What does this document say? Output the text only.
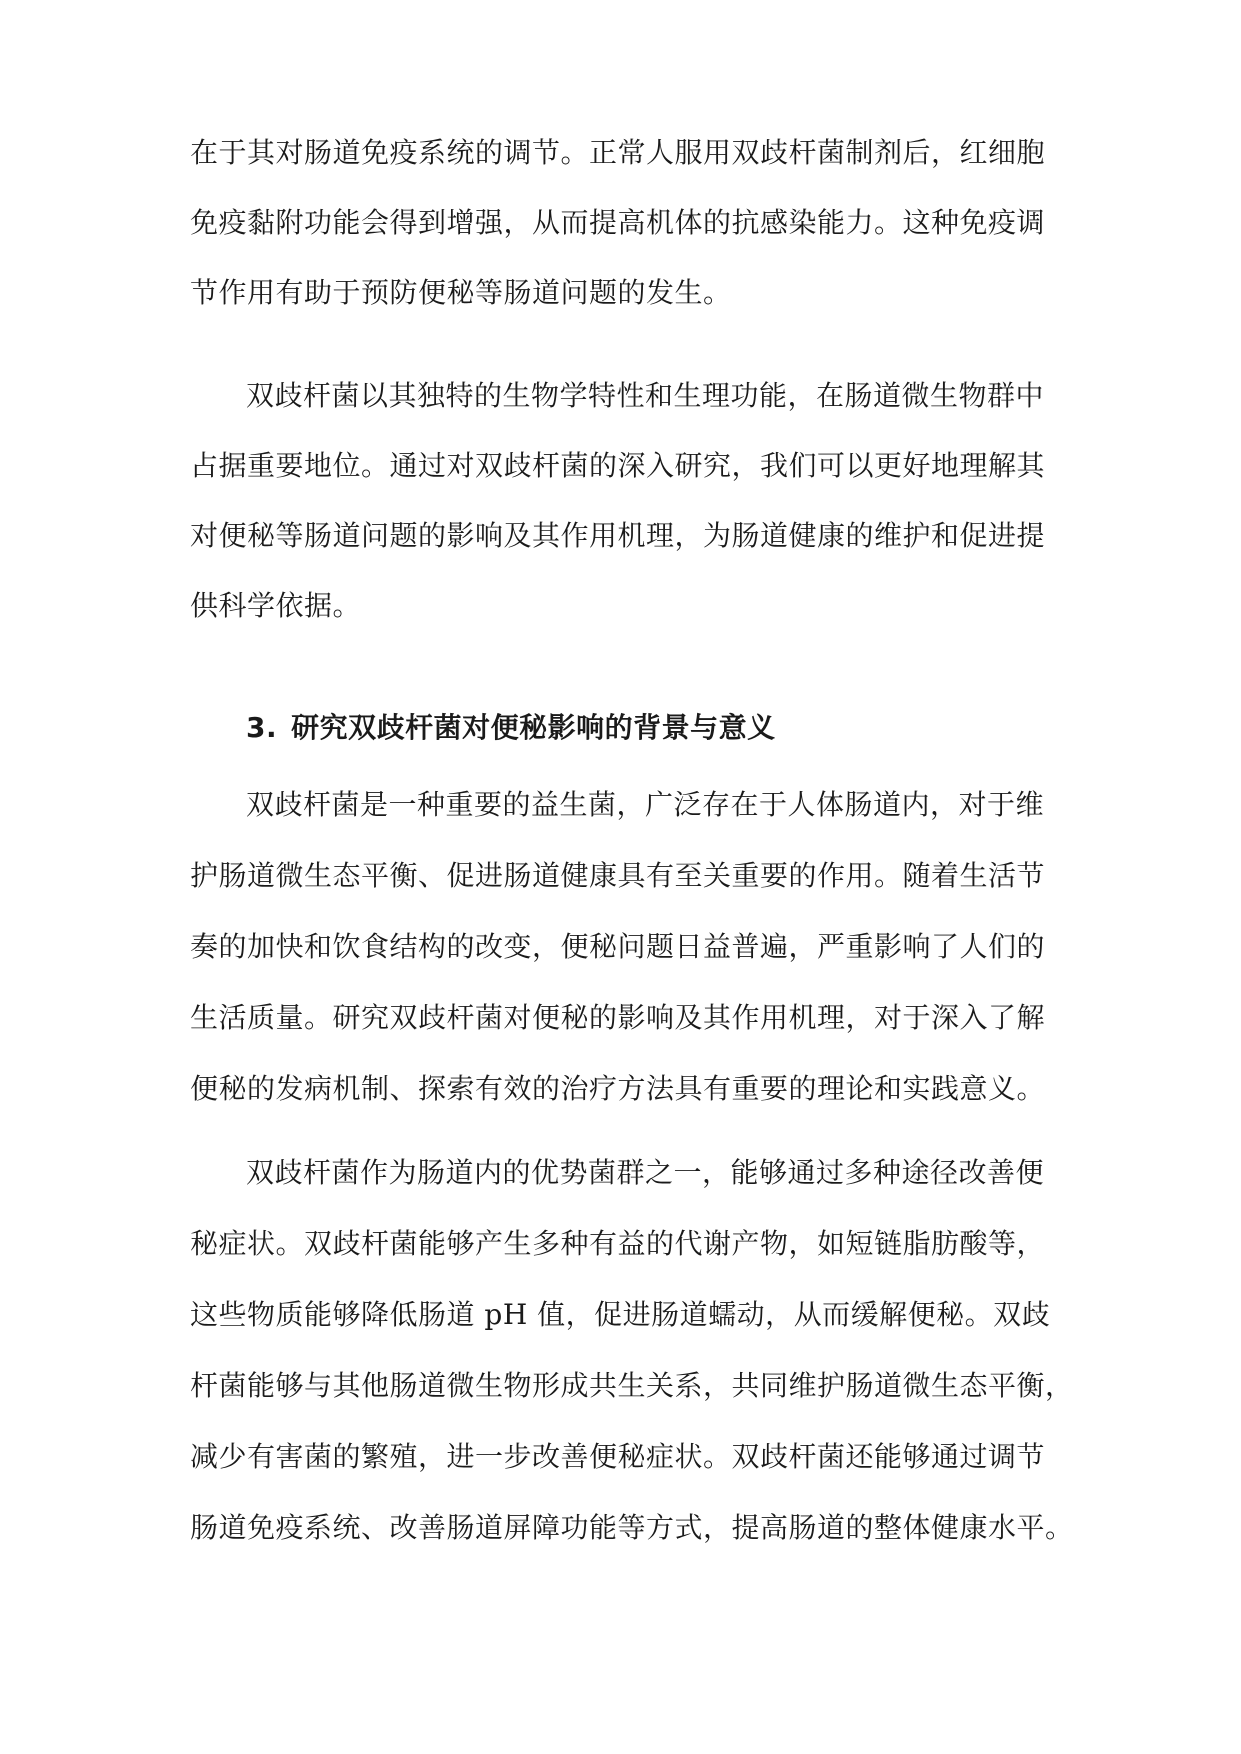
在于其对肠道免疫系统的调节。正常人服用双歧杆菌制剂后，红细胞
免疫黏附功能会得到增强，从而提高机体的抗感染能力。这种免疫调
节作用有助于预防便秘等肠道问题的发生。
双歧杆菌以其独特的生物学特性和生理功能，在肠道微生物群中
占据重要地位。通过对双歧杆菌的深入研究，我们可以更好地理解其
对便秘等肠道问题的影响及其作用机理，为肠道健康的维护和促进提
供科学依据。
3. 研究双歧杆菌对便秘影响的背景与意义
双歧杆菌是一种重要的益生菌，广泛存在于人体肠道内，对于维
护肠道微生态平衡、促进肠道健康具有至关重要的作用。随着生活节
奏的加快和饮食结构的改变，便秘问题日益普遍，严重影响了人们的
生活质量。研究双歧杆菌对便秘的影响及其作用机理，对于深入了解
便秘的发病机制、探索有效的治疗方法具有重要的理论和实践意义。
双歧杆菌作为肠道内的优势菌群之一，能够通过多种途径改善便
秘症状。双歧杆菌能够产生多种有益的代谢产物，如短链脂肪酸等，
这些物质能够降低肠道 pH 值，促进肠道蠕动，从而缓解便秘。双歧
杆菌能够与其他肠道微生物形成共生关系，共同维护肠道微生态平衡，
减少有害菌的繁殖，进一步改善便秘症状。双歧杆菌还能够通过调节
肠道免疫系统、改善肠道屏障功能等方式，提高肠道的整体健康水平。
